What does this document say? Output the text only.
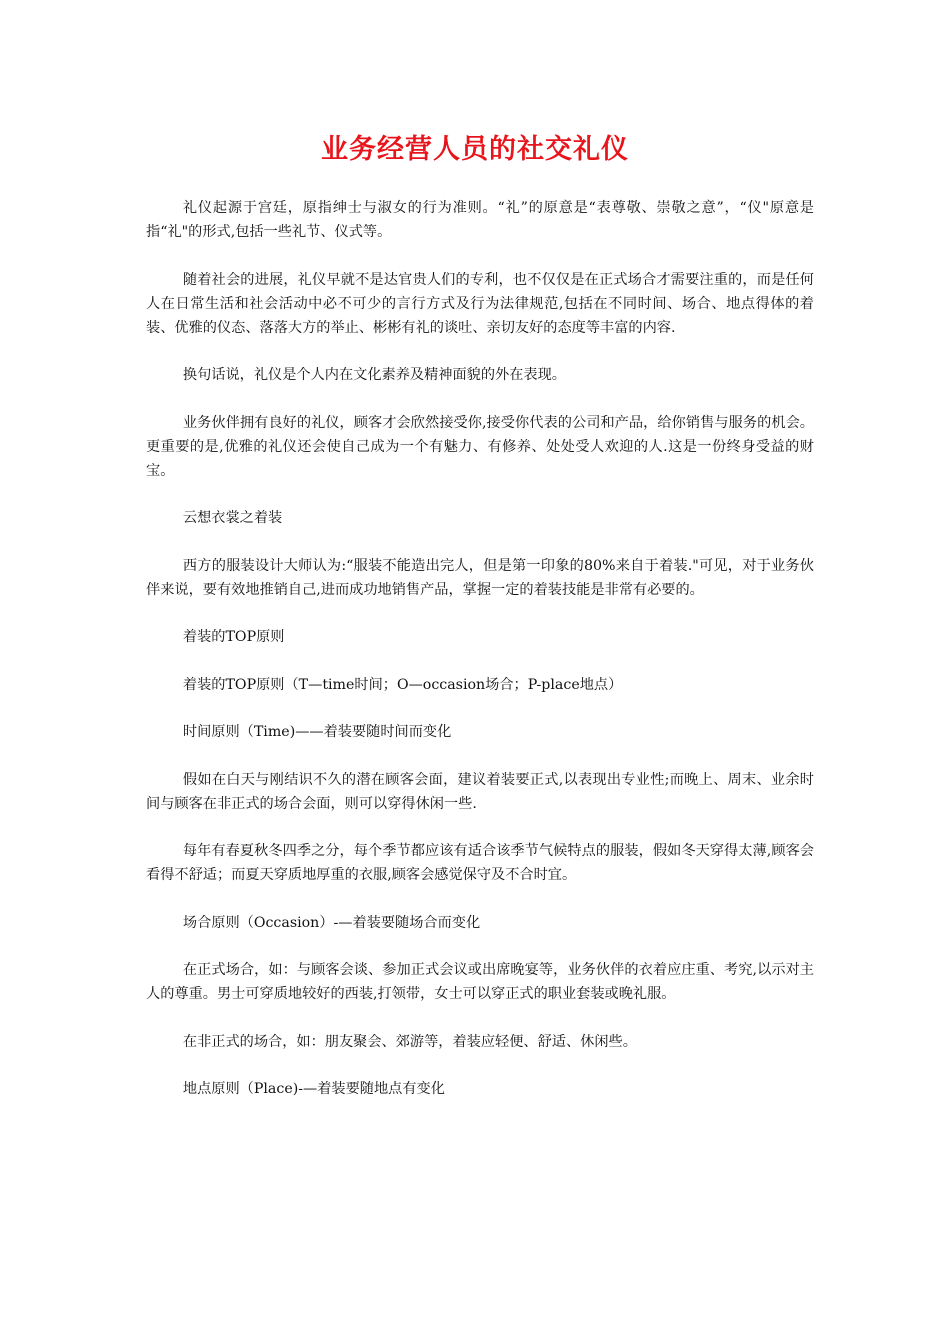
业务经营人员的社交礼仪

礼仪起源于宫廷，原指绅士与淑女的行为准则。“礼”的原意是“表尊敬、崇敬之意”，“仪"原意是指“礼"的形式,包括一些礼节、仪式等。

随着社会的进展，礼仪早就不是达官贵人们的专利，也不仅仅是在正式场合才需要注重的，而是任何人在日常生活和社会活动中必不可少的言行方式及行为法律规范,包括在不同时间、场合、地点得体的着装、优雅的仪态、落落大方的举止、彬彬有礼的谈吐、亲切友好的态度等丰富的内容.

换句话说，礼仪是个人内在文化素养及精神面貌的外在表现。

业务伙伴拥有良好的礼仪，顾客才会欣然接受你,接受你代表的公司和产品，给你销售与服务的机会。更重要的是,优雅的礼仪还会使自己成为一个有魅力、有修养、处处受人欢迎的人.这是一份终身受益的财宝。

云想衣裳之着装

西方的服装设计大师认为:“服装不能造出完人，但是第一印象的80%来自于着装."可见，对于业务伙伴来说，要有效地推销自己,进而成功地销售产品，掌握一定的着装技能是非常有必要的。

着装的TOP原则

着装的TOP原则（T—time时间；O—occasion场合；P-place地点）

时间原则（Time)——着装要随时间而变化

假如在白天与刚结识不久的潜在顾客会面，建议着装要正式,以表现出专业性;而晚上、周末、业余时间与顾客在非正式的场合会面，则可以穿得休闲一些.

每年有春夏秋冬四季之分，每个季节都应该有适合该季节气候特点的服装，假如冬天穿得太薄,顾客会看得不舒适；而夏天穿质地厚重的衣服,顾客会感觉保守及不合时宜。

场合原则（Occasion）-—着装要随场合而变化

在正式场合，如：与顾客会谈、参加正式会议或出席晚宴等，业务伙伴的衣着应庄重、考究,以示对主人的尊重。男士可穿质地较好的西装,打领带，女士可以穿正式的职业套装或晚礼服。

在非正式的场合，如：朋友聚会、郊游等，着装应轻便、舒适、休闲些。

地点原则（Place)-—着装要随地点有变化
